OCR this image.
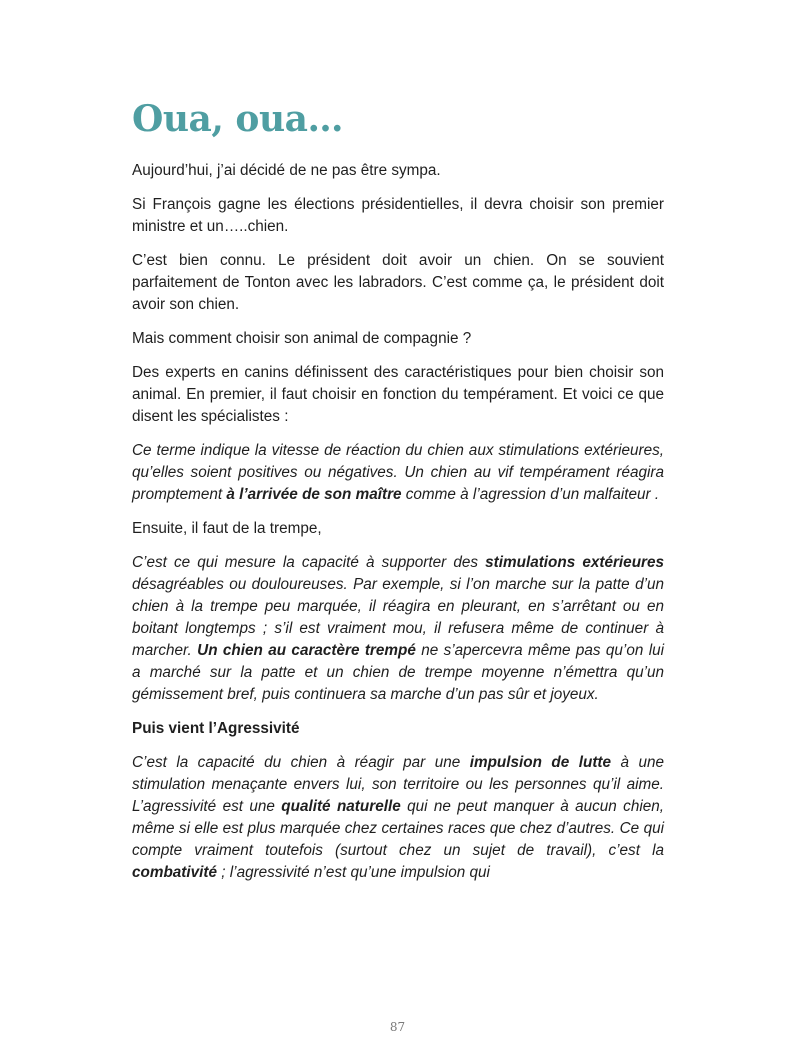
Oua, oua…

Aujourd’hui, j’ai décidé de ne pas être sympa.

Si François gagne les élections présidentielles, il devra choisir son premier ministre et un…..chien.

C’est bien connu. Le président doit avoir un chien. On se souvient parfaitement de Tonton avec les labradors. C’est comme ça, le président doit avoir son chien.

Mais comment choisir son animal de compagnie ?

Des experts en canins définissent des caractéristiques pour bien choisir son animal. En premier, il faut choisir en fonction du tempérament. Et voici ce que disent les spécialistes :

Ce terme indique la vitesse de réaction du chien aux stimulations extérieures, qu’elles soient positives ou négatives. Un chien au vif tempérament réagira promptement à l’arrivée de son maître comme à l’agression d’un malfaiteur .

Ensuite, il faut de la trempe,

C’est ce qui mesure la capacité à supporter des stimulations extérieures désagréables ou douloureuses. Par exemple, si l’on marche sur la patte d’un chien à la trempe peu marquée, il réagira en pleurant, en s’arrêtant ou en boitant longtemps ; s’il est vraiment mou, il refusera même de continuer à marcher. Un chien au caractère trempé ne s’apercevra même pas qu’on lui a marché sur la patte et un chien de trempe moyenne n’émettra qu’un gémissement bref, puis continuera sa marche d’un pas sûr et joyeux.

Puis vient l’Agressivité

C’est la capacité du chien à réagir par une impulsion de lutte à une stimulation menaçante envers lui, son territoire ou les personnes qu’il aime. L’agressivité est une qualité naturelle qui ne peut manquer à aucun chien, même si elle est plus marquée chez certaines races que chez d’autres. Ce qui compte vraiment toutefois (surtout chez un sujet de travail), c’est la combativité ; l’agressivité n’est qu’une impulsion qui

87
